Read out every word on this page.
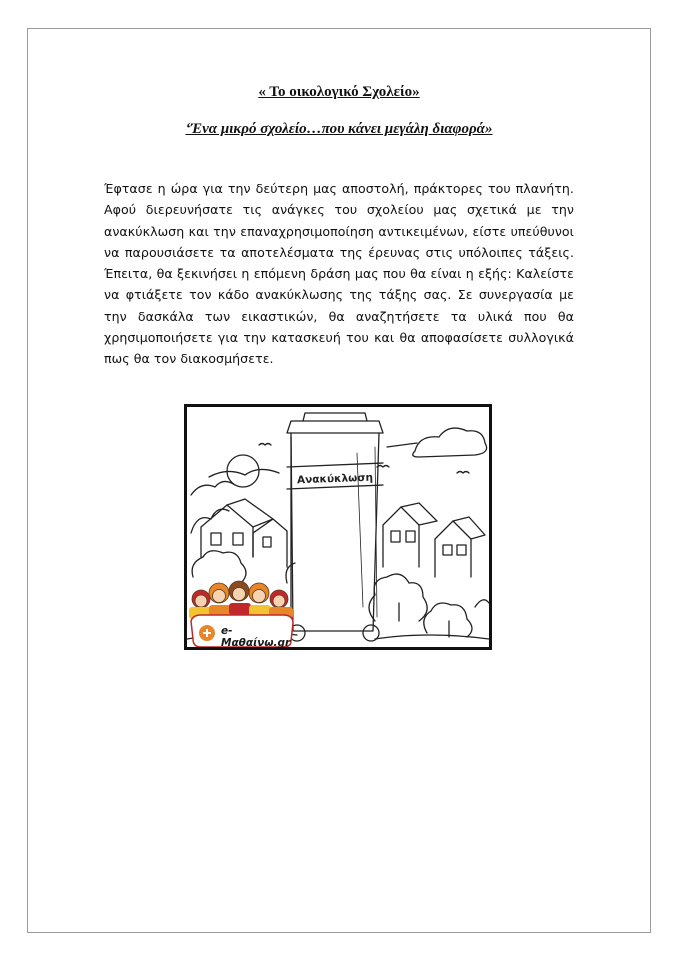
« Το οικολογικό Σχολείο»
‘Ένα μικρό σχολείο…που κάνει μεγάλη διαφορά»

Έφτασε η ώρα για την δεύτερη μας αποστολή, πράκτορες του πλανήτη. Αφού διερευνήσατε τις ανάγκες του σχολείου μας σχετικά με την ανακύκλωση και την επαναχρησιμοποίηση αντικειμένων, είστε υπεύθυνοι να παρουσιάσετε τα αποτελέσματα της έρευνας στις υπόλοιπες τάξεις. Έπειτα, θα ξεκινήσει η επόμενη δράση μας που θα είναι η εξής: Καλείστε να φτιάξετε τον κάδο ανακύκλωσης της τάξης σας. Σε συνεργασία με την δασκάλα των εικαστικών, θα αναζητήσετε τα υλικά που θα χρησιμοποιήσετε για την κατασκευή του και θα αποφασίσετε συλλογικά πως θα τον διακοσμήσετε.

Ανακύκλωση
e-Μαθαίνω.gr
